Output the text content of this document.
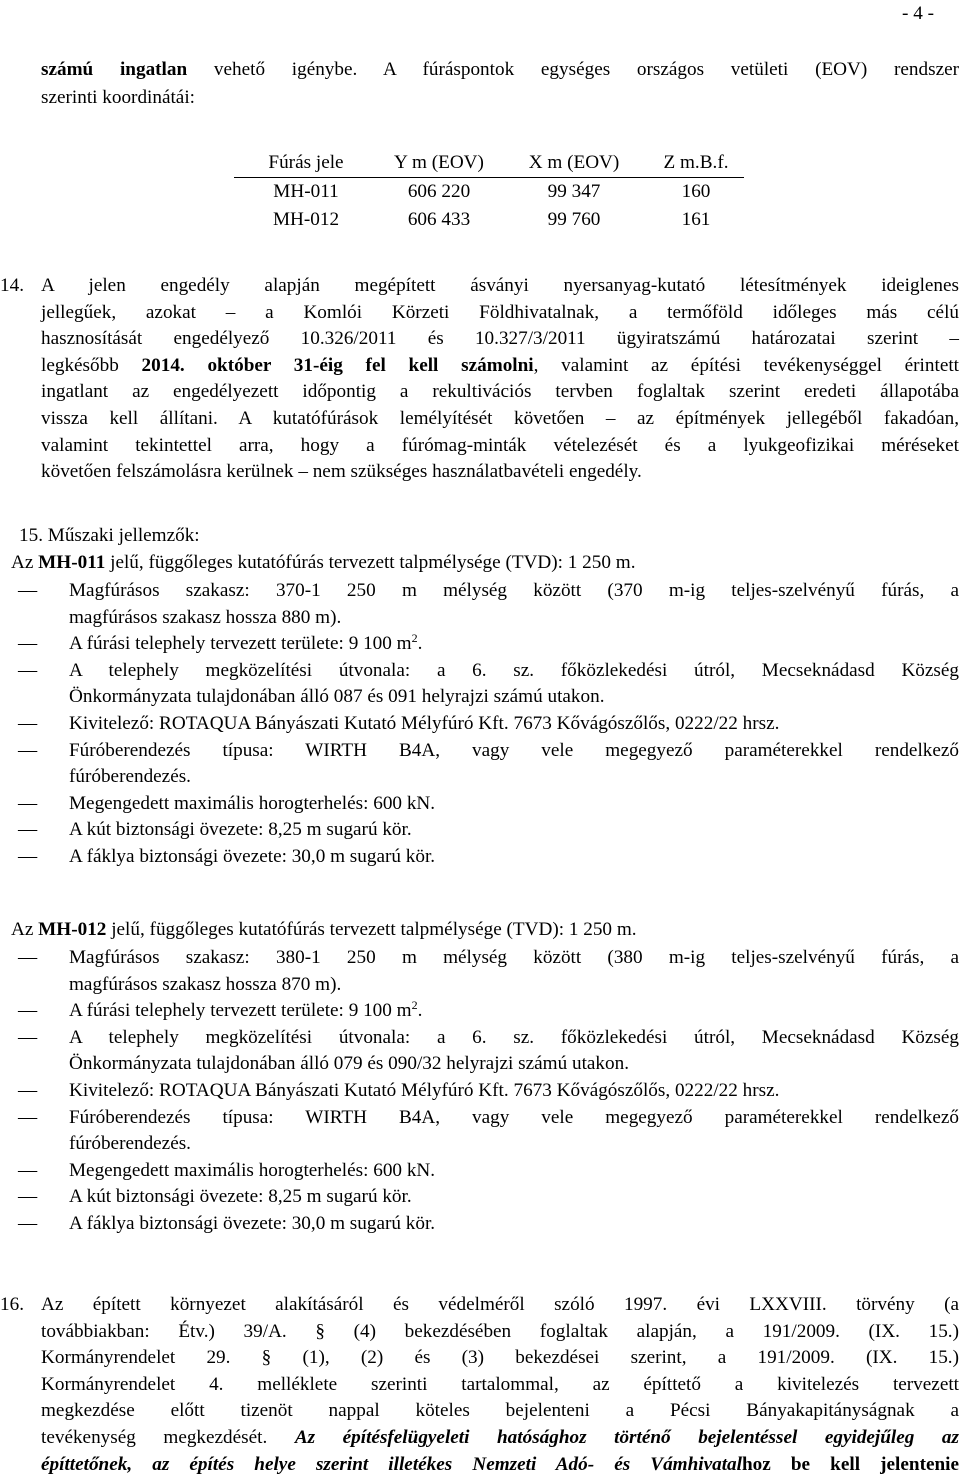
- 4 -
számú ingatlan vehető igénybe. A fúráspontok egységes országos vetületi (EOV) rendszer
szerinti koordinátái:
Fúrás jele	Y m (EOV)	X m (EOV)	Z m.B.f.
MH-011	606 220	99 347	160
MH-012	606 433	99 760	161
14. A jelen engedély alapján megépített ásványi nyersanyag-kutató létesítmények ideiglenes
jellegűek, azokat – a Komlói Körzeti Földhivatalnak, a termőföld időleges más célú
hasznosítását engedélyező 10.326/2011 és 10.327/3/2011 ügyiratszámú határozatai szerint –
legkésőbb 2014. október 31-éig fel kell számolni, valamint az építési tevékenységgel érintett
ingatlant az engedélyezett időpontig a rekultivációs tervben foglaltak szerint eredeti állapotába
vissza kell állítani. A kutatófúrások lemélyítését követően – az építmények jellegéből fakadóan,
valamint tekintettel arra, hogy a fúrómag-minták vételezését és a lyukgeofizikai méréseket
követően felszámolásra kerülnek – nem szükséges használatbavételi engedély.
15. Műszaki jellemzők:
Az MH-011 jelű, függőleges kutatófúrás tervezett talpmélysége (TVD): 1 250 m.
— Magfúrásos szakasz: 370-1 250 m mélység között (370 m-ig teljes-szelvényű fúrás, a
magfúrásos szakasz hossza 880 m).
— A fúrási telephely tervezett területe: 9 100 $m^2$.
— A telephely megközelítési útvonala: a 6. sz. főközlekedési útról, Mecseknádasd Község
Önkormányzata tulajdonában álló 087 és 091 helyrajzi számú utakon.
— Kivitelező: ROTAQUA Bányászati Kutató Mélyfúró Kft. 7673 Kővágószőlős, 0222/22 hrsz.
— Fúróberendezés típusa: WIRTH B4A, vagy vele megegyező paraméterekkel rendelkező
fúróberendezés.
— Megengedett maximális horogterhelés: 600 kN.
— A kút biztonsági övezete: 8,25 m sugarú kör.
— A fáklya biztonsági övezete: 30,0 m sugarú kör.
Az MH-012 jelű, függőleges kutatófúrás tervezett talpmélysége (TVD): 1 250 m.
— Magfúrásos szakasz: 380-1 250 m mélység között (380 m-ig teljes-szelvényű fúrás, a
magfúrásos szakasz hossza 870 m).
— A fúrási telephely tervezett területe: 9 100 $m^2$.
— A telephely megközelítési útvonala: a 6. sz. főközlekedési útról, Mecseknádasd Község
Önkormányzata tulajdonában álló 079 és 090/32 helyrajzi számú utakon.
— Kivitelező: ROTAQUA Bányászati Kutató Mélyfúró Kft. 7673 Kővágószőlős, 0222/22 hrsz.
— Fúróberendezés típusa: WIRTH B4A, vagy vele megegyező paraméterekkel rendelkező
fúróberendezés.
— Megengedett maximális horogterhelés: 600 kN.
— A kút biztonsági övezete: 8,25 m sugarú kör.
— A fáklya biztonsági övezete: 30,0 m sugarú kör.
16. Az épített környezet alakításáról és védelméről szóló 1997. évi LXXVIII. törvény (a
továbbiakban: Étv.) 39/A. § (4) bekezdésében foglaltak alapján, a 191/2009. (IX. 15.)
Kormányrendelet 29. § (1), (2) és (3) bekezdései szerint, a 191/2009. (IX. 15.)
Kormányrendelet 4. melléklete szerinti tartalommal, az építtető a kivitelezés tervezett
megkezdése előtt tizenöt nappal köteles bejelenteni a Pécsi Bányakapitányságnak a
tevékenység megkezdését. Az építésfelügyeleti hatósághoz történő bejelentéssel egyidejűleg az
építtetőnek, az építés helye szerint illetékes Nemzeti Adó- és Vámhivatalhoz be kell jelentenie
